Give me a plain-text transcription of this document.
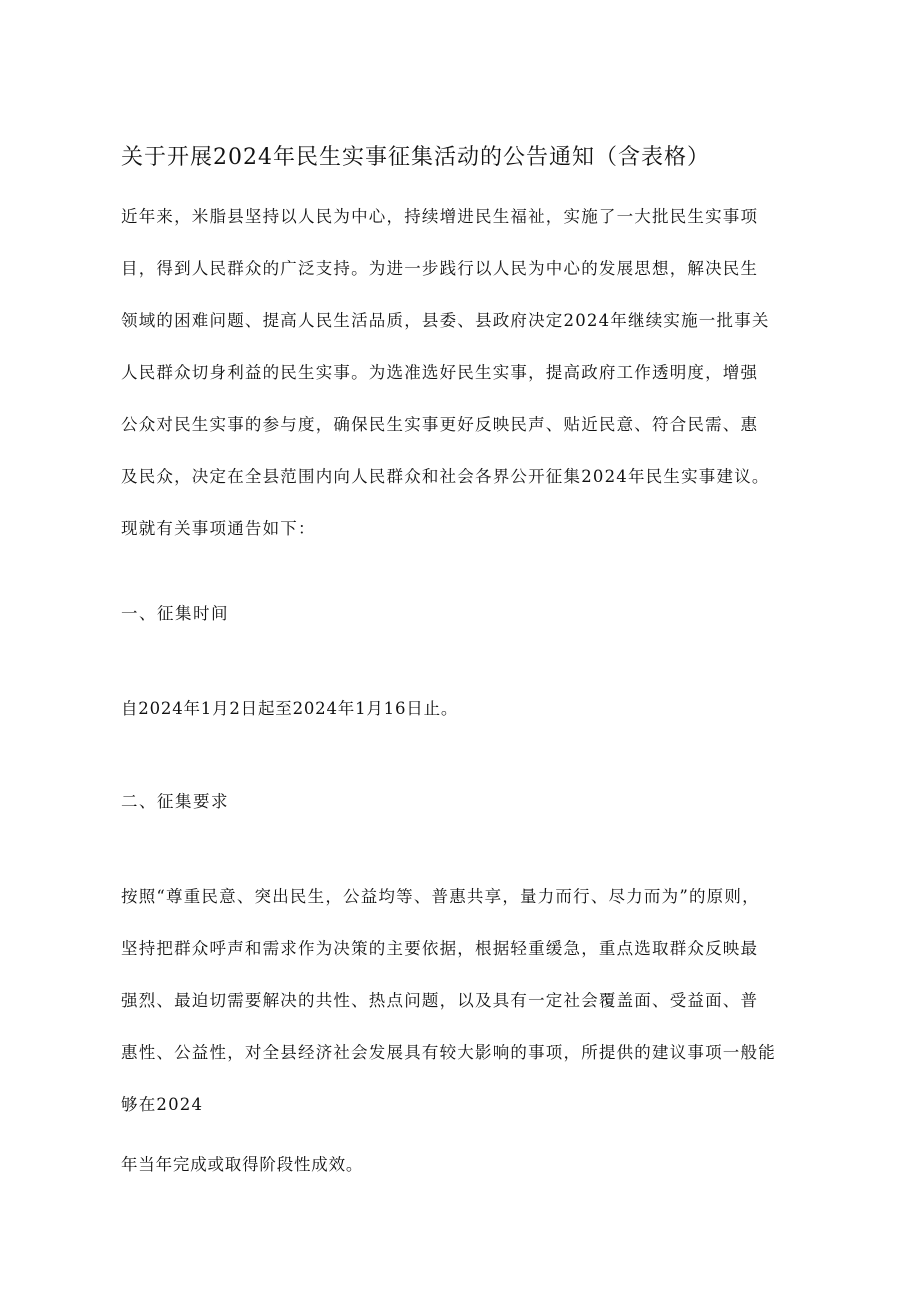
关于开展2024年民生实事征集活动的公告通知（含表格）
近年来，米脂县坚持以人民为中心，持续增进民生福祉，实施了一大批民生实事项
目，得到人民群众的广泛支持。为进一步践行以人民为中心的发展思想，解决民生
领域的困难问题、提高人民生活品质，县委、县政府决定2024年继续实施一批事关
人民群众切身利益的民生实事。为选准选好民生实事，提高政府工作透明度，增强
公众对民生实事的参与度，确保民生实事更好反映民声、贴近民意、符合民需、惠
及民众，决定在全县范围内向人民群众和社会各界公开征集2024年民生实事建议。
现就有关事项通告如下：
一、征集时间
自2024年1月2日起至2024年1月16日止。
二、征集要求
按照“尊重民意、突出民生，公益均等、普惠共享，量力而行、尽力而为”的原则，
坚持把群众呼声和需求作为决策的主要依据，根据轻重缓急，重点选取群众反映最
强烈、最迫切需要解决的共性、热点问题，以及具有一定社会覆盖面、受益面、普
惠性、公益性，对全县经济社会发展具有较大影响的事项，所提供的建议事项一般能
够在2024
年当年完成或取得阶段性成效。
